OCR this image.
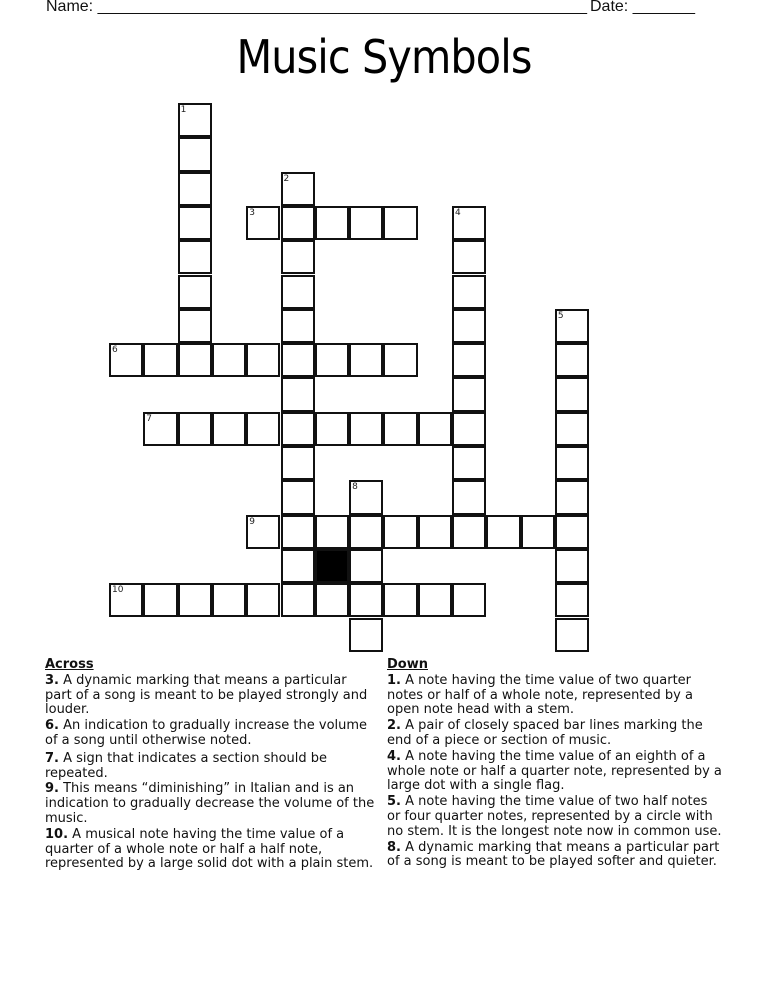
Name: _______________________________________________________ Date: _______
Music Symbols
1
2
3	4
5
6
7
8
9
10
Across
3. A dynamic marking that means a particular part of a song is meant to be played strongly and louder.
6. An indication to gradually increase the volume of a song until otherwise noted.
7. A sign that indicates a section should be repeated.
9. This means “diminishing” in Italian and is an indication to gradually decrease the volume of the music.
10. A musical note having the time value of a quarter of a whole note or half a half note, represented by a large solid dot with a plain stem.
Down
1. A note having the time value of two quarter notes or half of a whole note, represented by a open note head with a stem.
2. A pair of closely spaced bar lines marking the end of a piece or section of music.
4. A note having the time value of an eighth of a whole note or half a quarter note, represented by a large dot with a single flag.
5. A note having the time value of two half notes or four quarter notes, represented by a circle with no stem. It is the longest note now in common use.
8. A dynamic marking that means a particular part of a song is meant to be played softer and quieter.
